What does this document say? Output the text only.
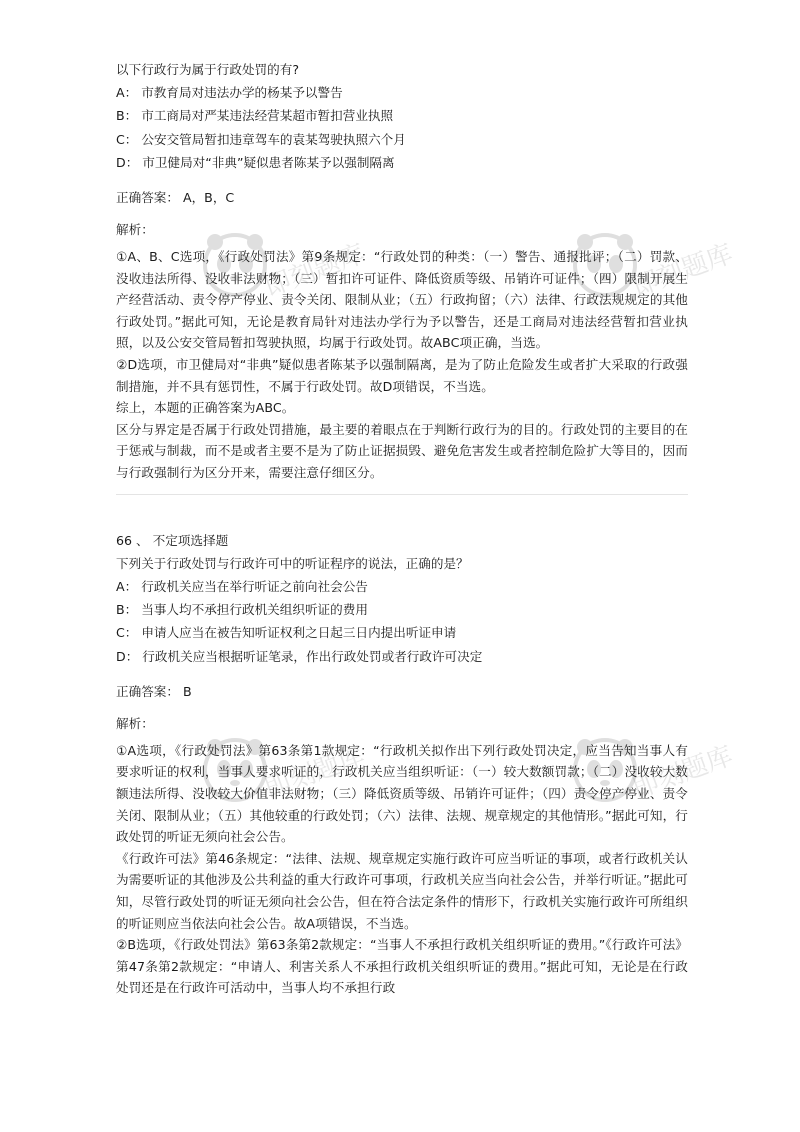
即刻题库	即刻题库
即刻题库	即刻题库
以下行政行为属于行政处罚的有?
A： 市教育局对违法办学的杨某予以警告
B： 市工商局对严某违法经营某超市暂扣营业执照
C： 公安交管局暂扣违章驾车的袁某驾驶执照六个月
D： 市卫健局对“非典”疑似患者陈某予以强制隔离
正确答案： A，B，C
解析：
①A、B、C选项，《行政处罚法》第9条规定：“行政处罚的种类：（一）警告、通报批评；（二）罚款、没收违法所得、没收非法财物；（三）暂扣许可证件、降低资质等级、吊销许可证件；（四）限制开展生产经营活动、责令停产停业、责令关闭、限制从业；（五）行政拘留；（六）法律、行政法规规定的其他行政处罚。”据此可知，无论是教育局针对违法办学行为予以警告，还是工商局对违法经营暂扣营业执照，以及公安交管局暂扣驾驶执照，均属于行政处罚。故ABC项正确，当选。
②D选项，市卫健局对“非典”疑似患者陈某予以强制隔离，是为了防止危险发生或者扩大采取的行政强制措施，并不具有惩罚性，不属于行政处罚。故D项错误，不当选。
综上，本题的正确答案为ABC。
区分与界定是否属于行政处罚措施，最主要的着眼点在于判断行政行为的目的。行政处罚的主要目的在于惩戒与制裁，而不是或者主要不是为了防止证据损毁、避免危害发生或者控制危险扩大等目的，因而与行政强制行为区分开来，需要注意仔细区分。
66 、 不定项选择题
下列关于行政处罚与行政许可中的听证程序的说法，正确的是？
A： 行政机关应当在举行听证之前向社会公告
B： 当事人均不承担行政机关组织听证的费用
C： 申请人应当在被告知听证权利之日起三日内提出听证申请
D： 行政机关应当根据听证笔录，作出行政处罚或者行政许可决定
正确答案： B
解析：
①A选项，《行政处罚法》第63条第1款规定：“行政机关拟作出下列行政处罚决定，应当告知当事人有要求听证的权利，当事人要求听证的，行政机关应当组织听证：（一）较大数额罚款；（二）没收较大数额违法所得、没收较大价值非法财物；（三）降低资质等级、吊销许可证件；（四）责令停产停业、责令关闭、限制从业；（五）其他较重的行政处罚；（六）法律、法规、规章规定的其他情形。”据此可知，行政处罚的听证无须向社会公告。
《行政许可法》第46条规定：“法律、法规、规章规定实施行政许可应当听证的事项，或者行政机关认为需要听证的其他涉及公共利益的重大行政许可事项，行政机关应当向社会公告，并举行听证。”据此可知，尽管行政处罚的听证无须向社会公告，但在符合法定条件的情形下，行政机关实施行政许可所组织的听证则应当依法向社会公告。故A项错误，不当选。
②B选项，《行政处罚法》第63条第2款规定：“当事人不承担行政机关组织听证的费用。”《行政许可法》第47条第2款规定：“申请人、利害关系人不承担行政机关组织听证的费用。”据此可知，无论是在行政处罚还是在行政许可活动中，当事人均不承担行政
